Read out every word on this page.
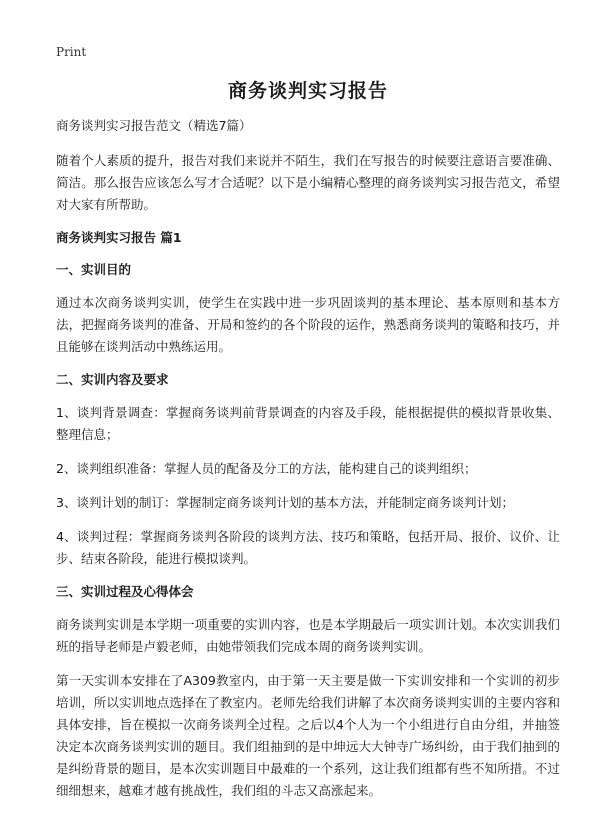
Print
商务谈判实习报告
商务谈判实习报告范文（精选7篇）

随着个人素质的提升，报告对我们来说并不陌生，我们在写报告的时候要注意语言要准确、简洁。那么报告应该怎么写才合适呢？以下是小编精心整理的商务谈判实习报告范文，希望对大家有所帮助。

商务谈判实习报告 篇1
一、实训目的

通过本次商务谈判实训，使学生在实践中进一步巩固谈判的基本理论、基本原则和基本方法，把握商务谈判的准备、开局和签约的各个阶段的运作，熟悉商务谈判的策略和技巧，并且能够在谈判活动中熟练运用。

二、实训内容及要求

1、谈判背景调查：掌握商务谈判前背景调查的内容及手段，能根据提供的模拟背景收集、整理信息；

2、谈判组织准备：掌握人员的配备及分工的方法，能构建自己的谈判组织；

3、谈判计划的制订：掌握制定商务谈判计划的基本方法，并能制定商务谈判计划；

4、谈判过程：掌握商务谈判各阶段的谈判方法、技巧和策略，包括开局、报价、议价、让步、结束各阶段，能进行模拟谈判。

三、实训过程及心得体会

商务谈判实训是本学期一项重要的实训内容，也是本学期最后一项实训计划。本次实训我们班的指导老师是卢毅老师，由她带领我们完成本周的商务谈判实训。

第一天实训本安排在了A309教室内，由于第一天主要是做一下实训安排和一个实训的初步培训，所以实训地点选择在了教室内。老师先给我们讲解了本次商务谈判实训的主要内容和具体安排，旨在模拟一次商务谈判全过程。之后以4个人为一个小组进行自由分组，并抽签决定本次商务谈判实训的题目。我们组抽到的是中坤远大大钟寺广场纠纷，由于我们抽到的是纠纷背景的题目，是本次实训题目中最难的一个系列，这让我们组都有些不知所措。不过细细想来，越难才越有挑战性，我们组的斗志又高涨起来。
